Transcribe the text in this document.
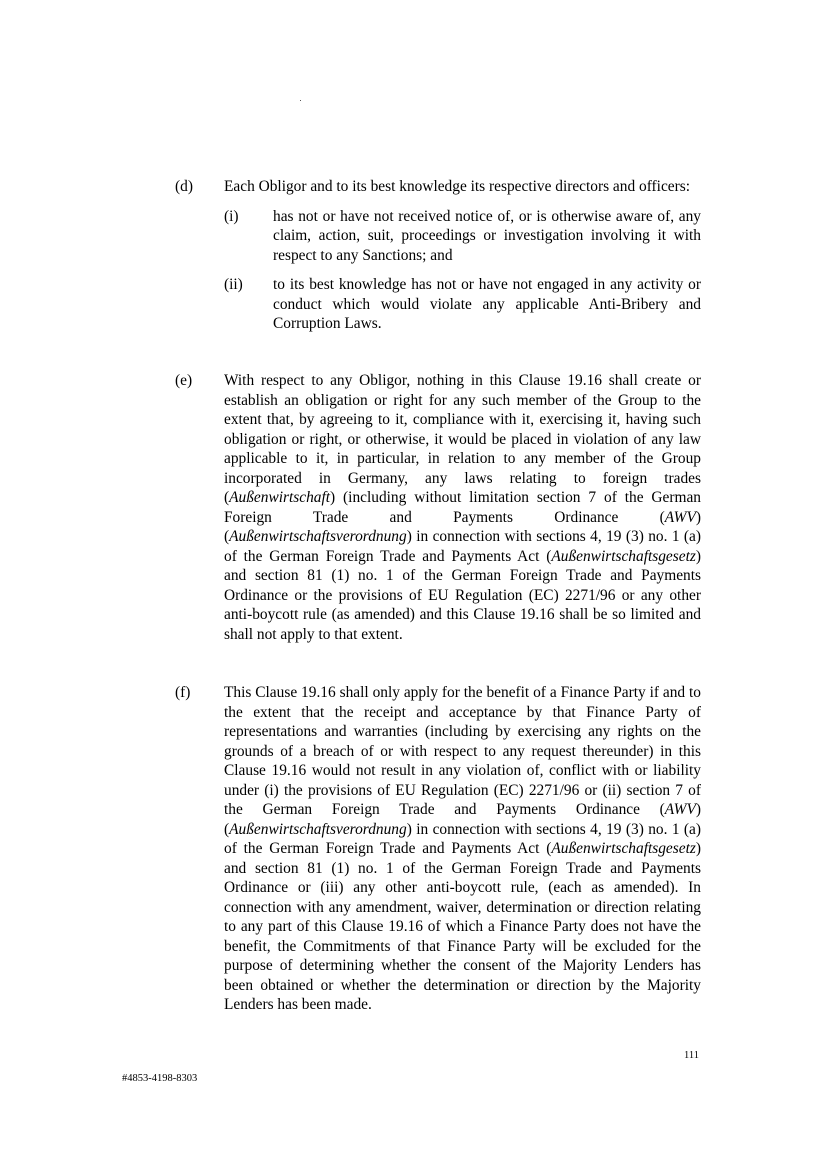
(d) Each Obligor and to its best knowledge its respective directors and officers:
(i) has not or have not received notice of, or is otherwise aware of, any claim, action, suit, proceedings or investigation involving it with respect to any Sanctions; and
(ii) to its best knowledge has not or have not engaged in any activity or conduct which would violate any applicable Anti-Bribery and Corruption Laws.
(e) With respect to any Obligor, nothing in this Clause 19.16 shall create or establish an obligation or right for any such member of the Group to the extent that, by agreeing to it, compliance with it, exercising it, having such obligation or right, or otherwise, it would be placed in violation of any law applicable to it, in particular, in relation to any member of the Group incorporated in Germany, any laws relating to foreign trades (Außenwirtschaft) (including without limitation section 7 of the German Foreign Trade and Payments Ordinance (AWV) (Außenwirtschaftsverordnung) in connection with sections 4, 19 (3) no. 1 (a) of the German Foreign Trade and Payments Act (Außenwirtschaftsgesetz) and section 81 (1) no. 1 of the German Foreign Trade and Payments Ordinance or the provisions of EU Regulation (EC) 2271/96 or any other anti-boycott rule (as amended) and this Clause 19.16 shall be so limited and shall not apply to that extent.
(f) This Clause 19.16 shall only apply for the benefit of a Finance Party if and to the extent that the receipt and acceptance by that Finance Party of representations and warranties (including by exercising any rights on the grounds of a breach of or with respect to any request thereunder) in this Clause 19.16 would not result in any violation of, conflict with or liability under (i) the provisions of EU Regulation (EC) 2271/96 or (ii) section 7 of the German Foreign Trade and Payments Ordinance (AWV) (Außenwirtschaftsverordnung) in connection with sections 4, 19 (3) no. 1 (a) of the German Foreign Trade and Payments Act (Außenwirtschaftsgesetz) and section 81 (1) no. 1 of the German Foreign Trade and Payments Ordinance or (iii) any other anti-boycott rule, (each as amended). In connection with any amendment, waiver, determination or direction relating to any part of this Clause 19.16 of which a Finance Party does not have the benefit, the Commitments of that Finance Party will be excluded for the purpose of determining whether the consent of the Majority Lenders has been obtained or whether the determination or direction by the Majority Lenders has been made.
111
#4853-4198-8303
